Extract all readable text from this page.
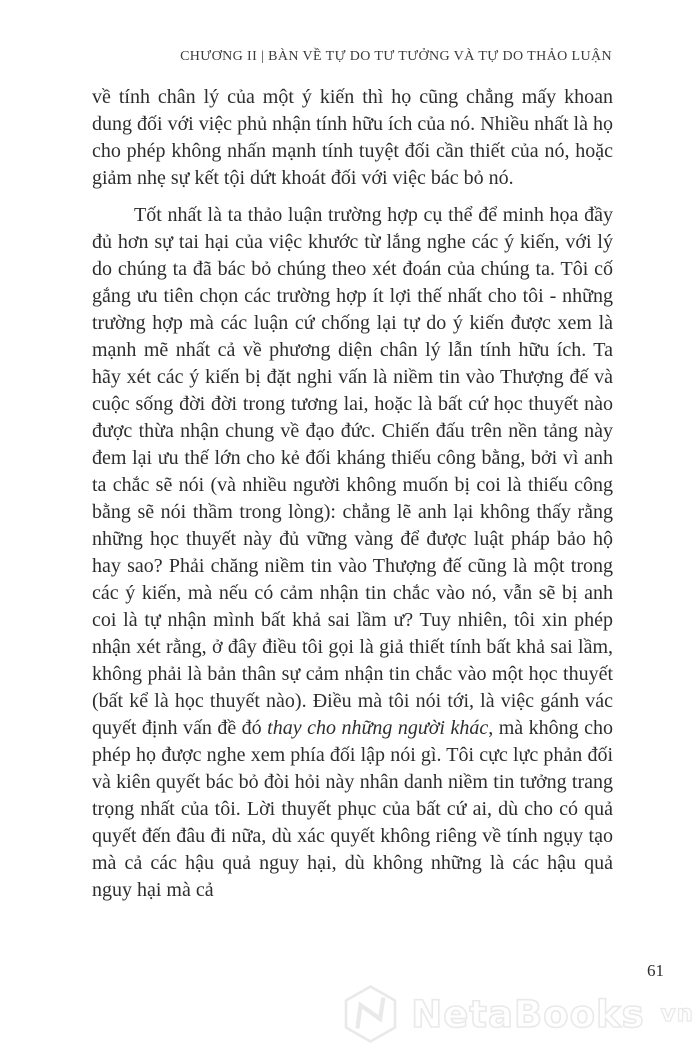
CHƯƠNG II | BÀN VỀ TỰ DO TƯ TƯỞNG VÀ TỰ DO THẢO LUẬN

về tính chân lý của một ý kiến thì họ cũng chẳng mấy khoan dung đối với việc phủ nhận tính hữu ích của nó. Nhiều nhất là họ cho phép không nhấn mạnh tính tuyệt đối cần thiết của nó, hoặc giảm nhẹ sự kết tội dứt khoát đối với việc bác bỏ nó.

Tốt nhất là ta thảo luận trường hợp cụ thể để minh họa đầy đủ hơn sự tai hại của việc khước từ lắng nghe các ý kiến, với lý do chúng ta đã bác bỏ chúng theo xét đoán của chúng ta. Tôi cố gắng ưu tiên chọn các trường hợp ít lợi thế nhất cho tôi - những trường hợp mà các luận cứ chống lại tự do ý kiến được xem là mạnh mẽ nhất cả về phương diện chân lý lẫn tính hữu ích. Ta hãy xét các ý kiến bị đặt nghi vấn là niềm tin vào Thượng đế và cuộc sống đời đời trong tương lai, hoặc là bất cứ học thuyết nào được thừa nhận chung về đạo đức. Chiến đấu trên nền tảng này đem lại ưu thế lớn cho kẻ đối kháng thiếu công bằng, bởi vì anh ta chắc sẽ nói (và nhiều người không muốn bị coi là thiếu công bằng sẽ nói thầm trong lòng): chẳng lẽ anh lại không thấy rằng những học thuyết này đủ vững vàng để được luật pháp bảo hộ hay sao? Phải chăng niềm tin vào Thượng đế cũng là một trong các ý kiến, mà nếu có cảm nhận tin chắc vào nó, vẫn sẽ bị anh coi là tự nhận mình bất khả sai lầm ư? Tuy nhiên, tôi xin phép nhận xét rằng, ở đây điều tôi gọi là giả thiết tính bất khả sai lầm, không phải là bản thân sự cảm nhận tin chắc vào một học thuyết (bất kể là học thuyết nào). Điều mà tôi nói tới, là việc gánh vác quyết định vấn đề đó thay cho những người khác, mà không cho phép họ được nghe xem phía đối lập nói gì. Tôi cực lực phản đối và kiên quyết bác bỏ đòi hỏi này nhân danh niềm tin tưởng trang trọng nhất của tôi. Lời thuyết phục của bất cứ ai, dù cho có quả quyết đến đâu đi nữa, dù xác quyết không riêng về tính ngụy tạo mà cả các hậu quả nguy hại, dù không những là các hậu quả nguy hại mà cả

61
NetaBooks vn
